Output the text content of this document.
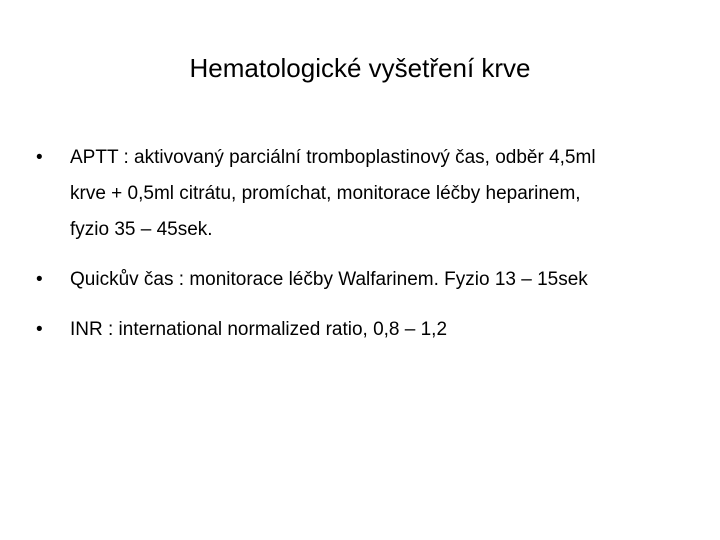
Hematologické vyšetření krve
•	APTT : aktivovaný parciální tromboplastinový čas, odběr 4,5ml
krve + 0,5ml citrátu, promíchat, monitorace léčby heparinem,
fyzio 35 – 45sek.
•	Quickův čas : monitorace léčby Walfarinem. Fyzio 13 – 15sek
•	INR : international normalized ratio, 0,8 – 1,2
